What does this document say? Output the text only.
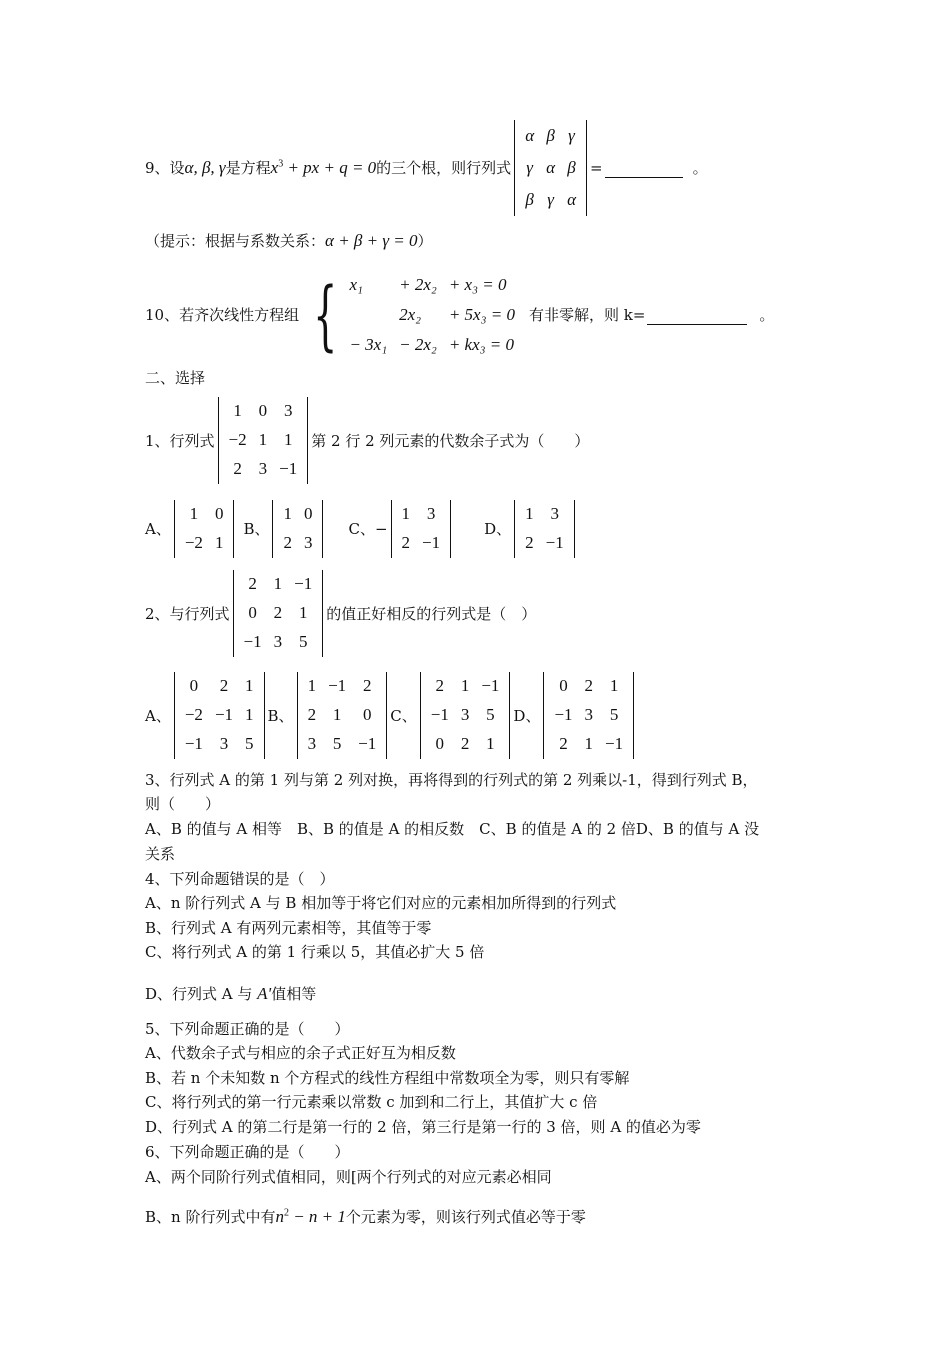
9、设 α, β, γ 是方程 $x^3$ + px + q = 0 的三个根，则行列式
α	β	γ
γ	α	β
β	γ	α
=	。
（提示：根据与系数关系：α + β + γ = 0）
10、若齐次线性方程组 { x₁	+ 2x₂	+ x₃ = 0
	2x₂	+ 5x₃ = 0
− 3x₁	− 2x₂	+ kx₃ = 0
有非零解，则 k=	。
二、选择
1、行列式
1	0	3
−2	1	1
2	3	−1
第 2 行 2 列元素的代数余子式为（　　）
A、
1	0
−2	1
B、
1	0
2	3
C、 −
1	3
2	−1
D、
1	3
2	−1
2、与行列式
2	1	−1
0	2	1
−1	3	5
的值正好相反的行列式是（　）
A、
0	2	1
−2	−1	1
−1	3	5
B、
1	−1	2
2	1	0
3	5	−1
C、
2	1	−1
−1	3	5
0	2	1
D、
0	2	1
−1	3	5
2	1	−1
3、行列式 A 的第 1 列与第 2 列对换，再将得到的行列式的第 2 列乘以-1，得到行列式 B，
则（　　）
A、B 的值与 A 相等　B、B 的值是 A 的相反数　C、B 的值是 A 的 2 倍D、B 的值与 A 没
关系
4、下列命题错误的是（　）
A、n 阶行列式 A 与 B 相加等于将它们对应的元素相加所得到的行列式
B、行列式 A 有两列元素相等，其值等于零
C、将行列式 A 的第 1 行乘以 5，其值必扩大 5 倍
D、行列式 A 与 A'值相等
5、下列命题正确的是（　　）
A、代数余子式与相应的余子式正好互为相反数
B、若 n 个未知数 n 个方程式的线性方程组中常数项全为零，则只有零解
C、将行列式的第一行元素乘以常数 c 加到和二行上，其值扩大 c 倍
D、行列式 A 的第二行是第一行的 2 倍，第三行是第一行的 3 倍，则 A 的值必为零
6、下列命题正确的是（　　）
A、两个同阶行列式值相同，则[两个行列式的对应元素必相同
B、n 阶行列式中有$n^2 - n + 1$个元素为零，则该行列式值必等于零
